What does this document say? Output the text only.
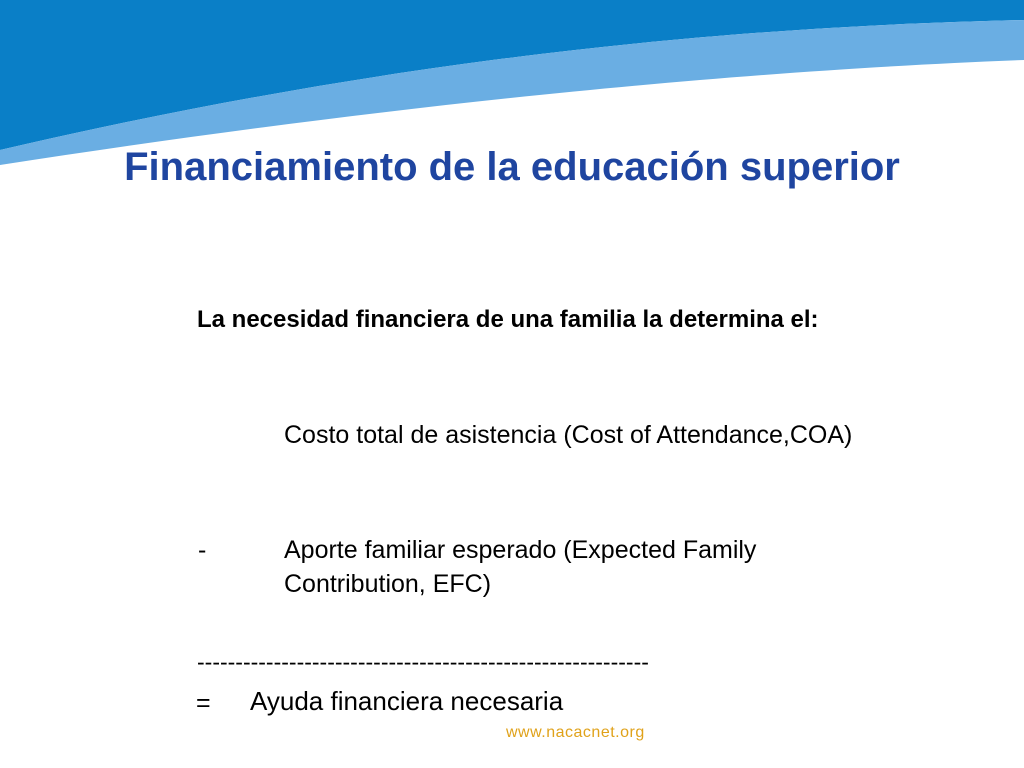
Financiamiento de la educación superior

La necesidad financiera de una familia la determina el:

Costo total de asistencia (Cost of Attendance,COA)

-	Aporte familiar esperado (Expected Family Contribution, EFC)

-----------------------------------------------------------
= Ayuda financiera necesaria
www.nacacnet.org
